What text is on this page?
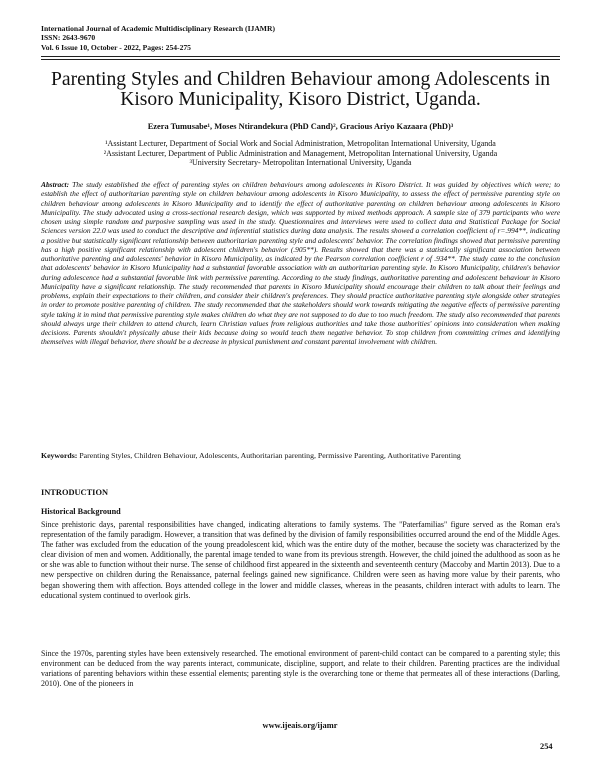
International Journal of Academic Multidisciplinary Research (IJAMR)
ISSN: 2643-9670
Vol. 6 Issue 10, October - 2022, Pages: 254-275
Parenting Styles and Children Behaviour among Adolescents in Kisoro Municipality, Kisoro District, Uganda.
Ezera Tumusabe¹, Moses Ntirandekura (PhD Cand)², Gracious Ariyo Kazaara (PhD)³
¹Assistant Lecturer, Department of Social Work and Social Administration, Metropolitan International University, Uganda
²Assistant Lecturer, Department of Public Administration and Management, Metropolitan International University, Uganda
³University Secretary- Metropolitan International University, Uganda
Abstract: The study established the effect of parenting styles on children behaviours among adolescents in Kisoro District. It was guided by objectives which were; to establish the effect of authoritarian parenting style on children behaviour among adolescents in Kisoro Municipality, to assess the effect of permissive parenting style on children behaviour among adolescents in Kisoro Municipality and to identify the effect of authoritative parenting on children behaviour among adolescents in Kisoro Municipality. The study advocated using a cross-sectional research design, which was supported by mixed methods approach. A sample size of 379 participants who were chosen using simple random and purposive sampling was used in the study. Questionnaires and interviews were used to collect data and Statistical Package for Social Sciences version 22.0 was used to conduct the descriptive and inferential statistics during data analysis. The results showed a correlation coefficient of r=.994**, indicating a positive but statistically significant relationship between authoritarian parenting style and adolescents' behavior. The correlation findings showed that permissive parenting has a high positive significant relationship with adolescent children's behavior (.905**). Results showed that there was a statistically significant association between authoritative parenting and adolescents' behavior in Kisoro Municipality, as indicated by the Pearson correlation coefficient r of .934**. The study came to the conclusion that adolescents' behavior in Kisoro Municipality had a substantial favorable association with an authoritarian parenting style. In Kisoro Municipality, children's behavior during adolescence had a substantial favorable link with permissive parenting. According to the study findings, authoritative parenting and adolescent behaviour in Kisoro Municipality have a significant relationship. The study recommended that parents in Kisoro Municipality should encourage their children to talk about their feelings and problems, explain their expectations to their children, and consider their children's preferences. They should practice authoritative parenting style alongside other strategies in order to promote positive parenting of children. The study recommended that the stakeholders should work towards mitigating the negative effects of permissive parenting style taking it in mind that permissive parenting style makes children do what they are not supposed to do due to too much freedom. The study also recommended that parents should always urge their children to attend church, learn Christian values from religious authorities and take those authorities' opinions into consideration when making decisions. Parents shouldn't physically abuse their kids because doing so would teach them negative behavior. To stop children from committing crimes and identifying themselves with illegal behavior, there should be a decrease in physical punishment and constant parental involvement with children.
Keywords: Parenting Styles, Children Behaviour, Adolescents, Authoritarian parenting, Permissive Parenting, Authoritative Parenting
INTRODUCTION
Historical Background
Since prehistoric days, parental responsibilities have changed, indicating alterations to family systems. The "Paterfamilias" figure served as the Roman era's representation of the family paradigm. However, a transition that was defined by the division of family responsibilities occurred around the end of the Middle Ages. The father was excluded from the education of the young preadolescent kid, which was the entire duty of the mother, because the society was characterized by the clear division of men and women. Additionally, the parental image tended to wane from its previous strength. However, the child joined the adulthood as soon as he or she was able to function without their nurse. The sense of childhood first appeared in the sixteenth and seventeenth century (Maccoby and Martin 2013). Due to a new perspective on children during the Renaissance, paternal feelings gained new significance. Children were seen as having more value by their parents, who began showering them with affection. Boys attended college in the lower and middle classes, whereas in the peasants, children interact with adults to learn. The educational system continued to overlook girls.
Since the 1970s, parenting styles have been extensively researched. The emotional environment of parent-child contact can be compared to a parenting style; this environment can be deduced from the way parents interact, communicate, discipline, support, and relate to their children. Parenting practices are the individual variations of parenting behaviors within these essential elements; parenting style is the overarching tone or theme that permeates all of these interactions (Darling, 2010). One of the pioneers in
www.ijeais.org/ijamr
254
